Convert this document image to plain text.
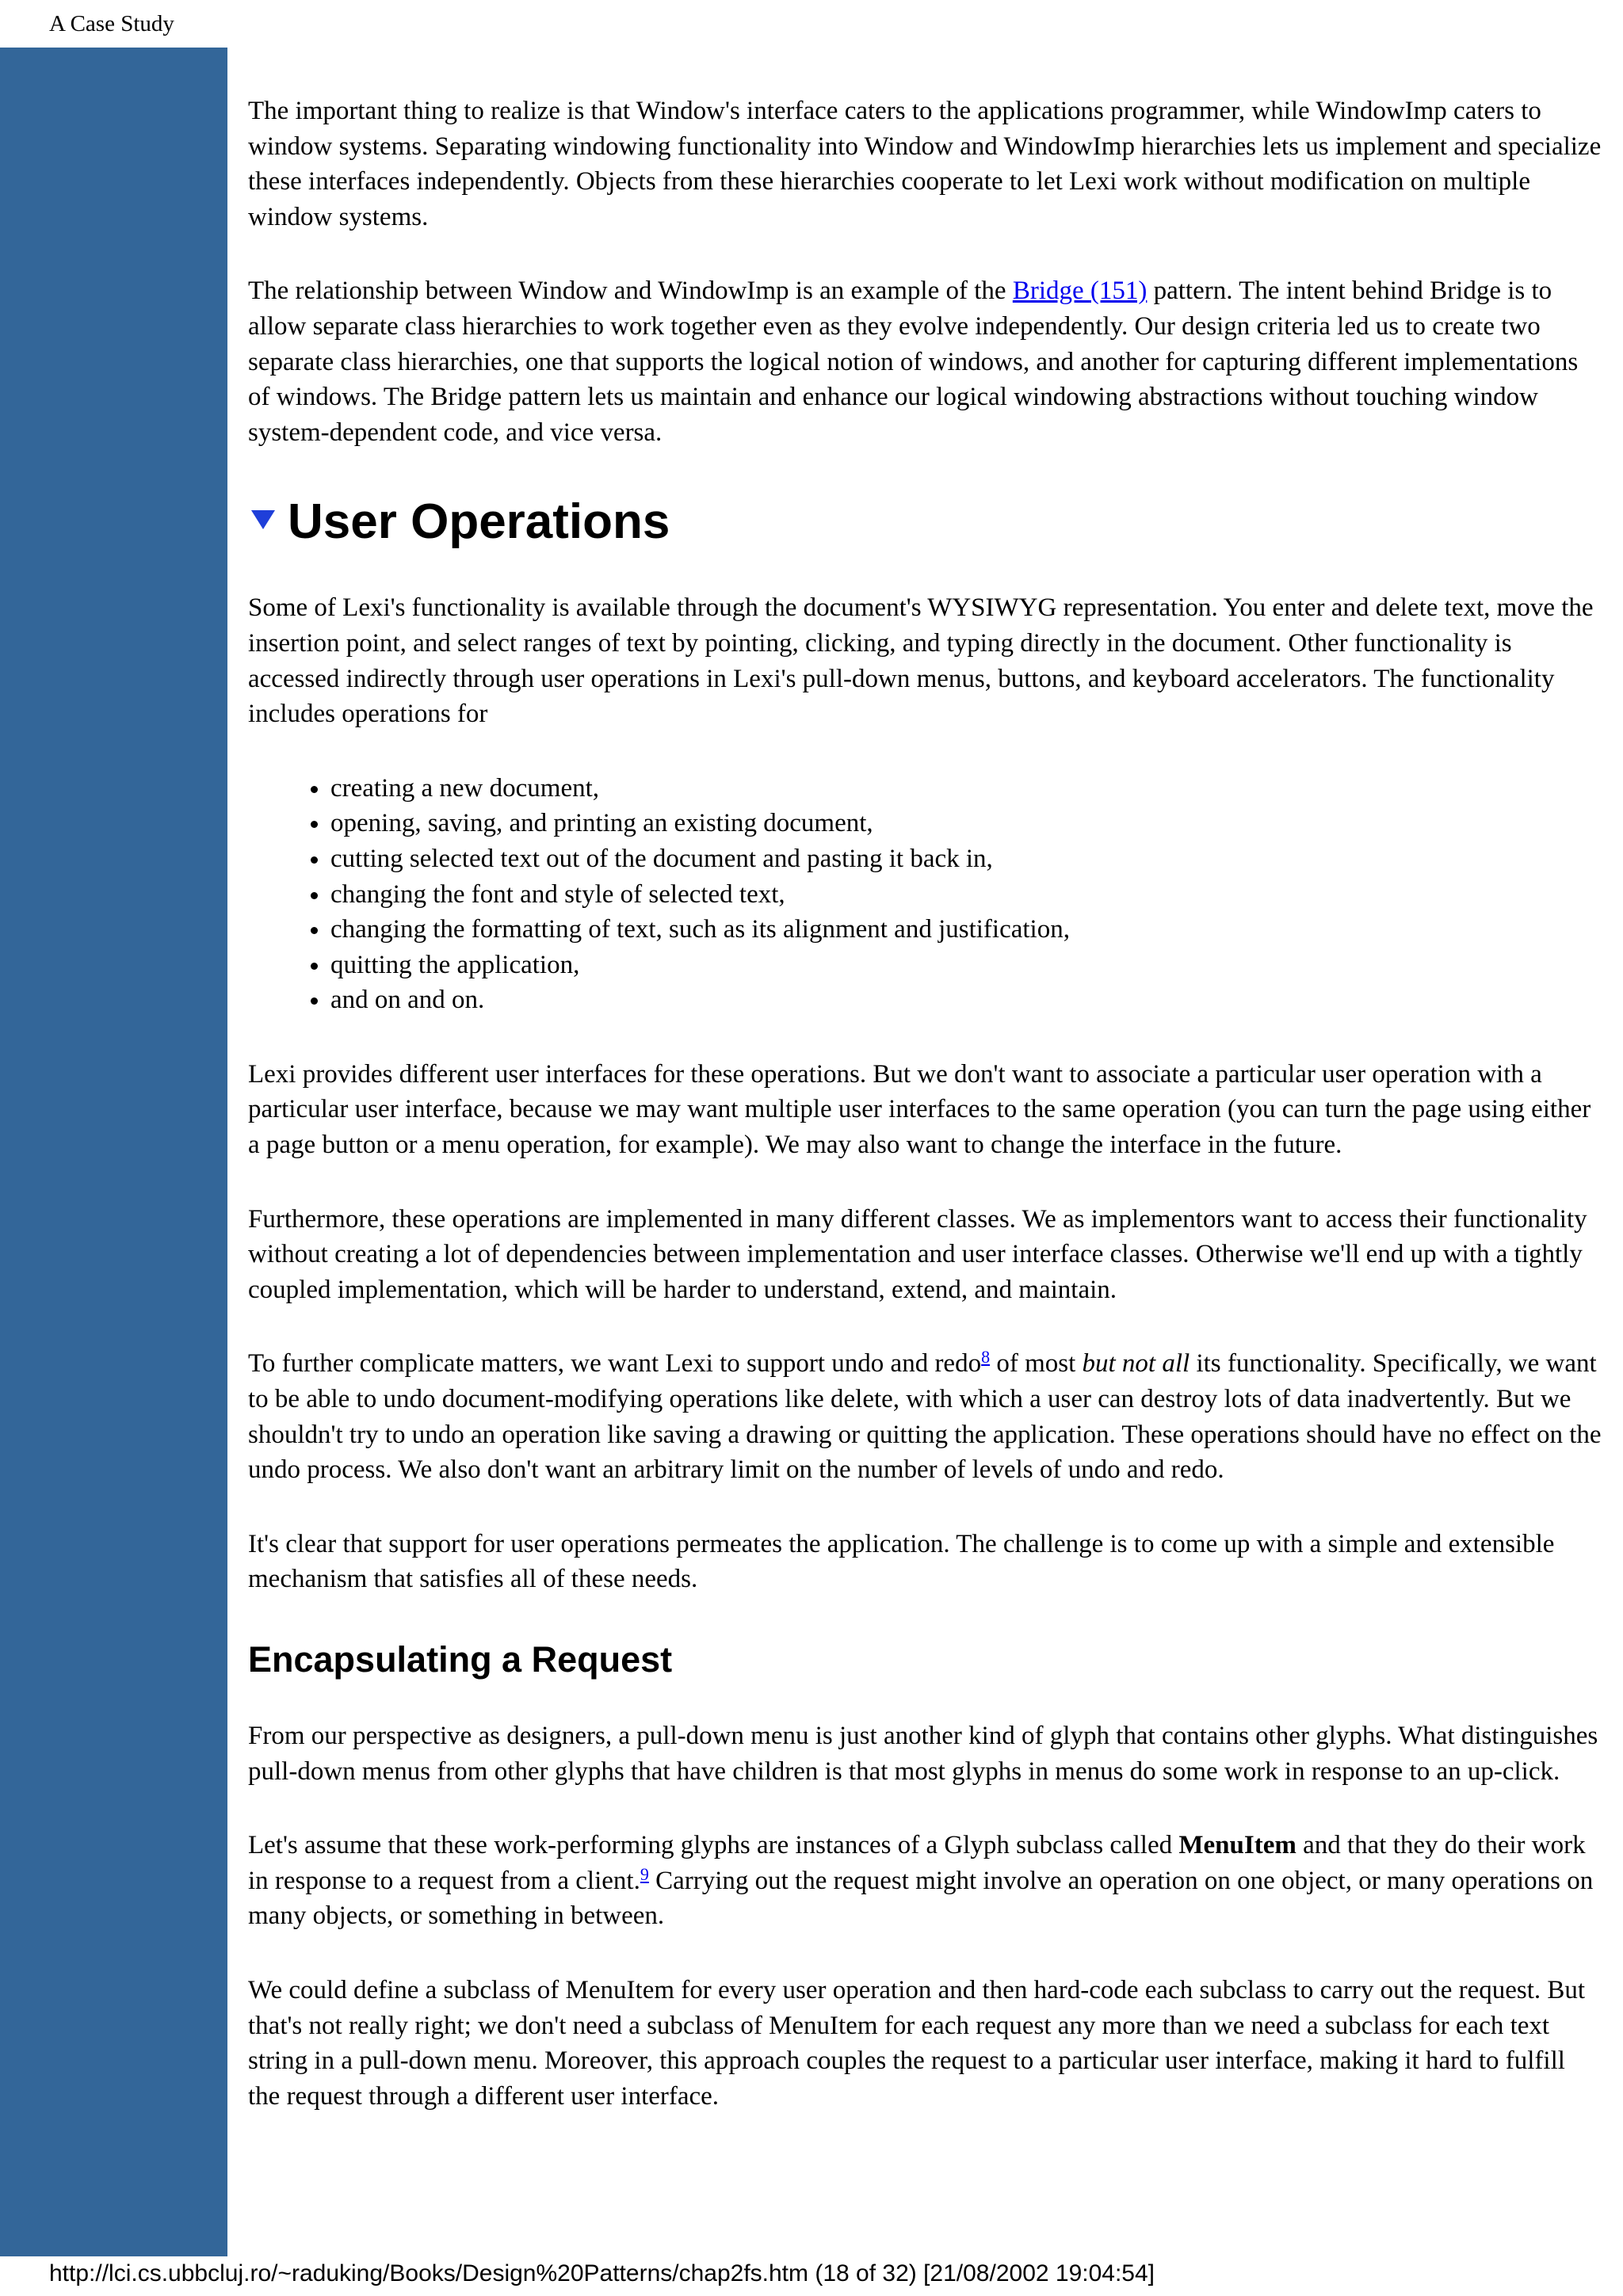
A Case Study

The important thing to realize is that Window's interface caters to the applications programmer, while WindowImp caters to window systems. Separating windowing functionality into Window and WindowImp hierarchies lets us implement and specialize these interfaces independently. Objects from these hierarchies cooperate to let Lexi work without modification on multiple window systems.

The relationship between Window and WindowImp is an example of the Bridge (151) pattern. The intent behind Bridge is to allow separate class hierarchies to work together even as they evolve independently. Our design criteria led us to create two separate class hierarchies, one that supports the logical notion of windows, and another for capturing different implementations of windows. The Bridge pattern lets us maintain and enhance our logical windowing abstractions without touching window system-dependent code, and vice versa.

User Operations

Some of Lexi's functionality is available through the document's WYSIWYG representation. You enter and delete text, move the insertion point, and select ranges of text by pointing, clicking, and typing directly in the document. Other functionality is accessed indirectly through user operations in Lexi's pull-down menus, buttons, and keyboard accelerators. The functionality includes operations for

• creating a new document,
• opening, saving, and printing an existing document,
• cutting selected text out of the document and pasting it back in,
• changing the font and style of selected text,
• changing the formatting of text, such as its alignment and justification,
• quitting the application,
• and on and on.

Lexi provides different user interfaces for these operations. But we don't want to associate a particular user operation with a particular user interface, because we may want multiple user interfaces to the same operation (you can turn the page using either a page button or a menu operation, for example). We may also want to change the interface in the future.

Furthermore, these operations are implemented in many different classes. We as implementors want to access their functionality without creating a lot of dependencies between implementation and user interface classes. Otherwise we'll end up with a tightly coupled implementation, which will be harder to understand, extend, and maintain.

To further complicate matters, we want Lexi to support undo and redo$^8$ of most but not all its functionality. Specifically, we want to be able to undo document-modifying operations like delete, with which a user can destroy lots of data inadvertently. But we shouldn't try to undo an operation like saving a drawing or quitting the application. These operations should have no effect on the undo process. We also don't want an arbitrary limit on the number of levels of undo and redo.

It's clear that support for user operations permeates the application. The challenge is to come up with a simple and extensible mechanism that satisfies all of these needs.

Encapsulating a Request

From our perspective as designers, a pull-down menu is just another kind of glyph that contains other glyphs. What distinguishes pull-down menus from other glyphs that have children is that most glyphs in menus do some work in response to an up-click.

Let's assume that these work-performing glyphs are instances of a Glyph subclass called MenuItem and that they do their work in response to a request from a client.$^9$ Carrying out the request might involve an operation on one object, or many operations on many objects, or something in between.

We could define a subclass of MenuItem for every user operation and then hard-code each subclass to carry out the request. But that's not really right; we don't need a subclass of MenuItem for each request any more than we need a subclass for each text string in a pull-down menu. Moreover, this approach couples the request to a particular user interface, making it hard to fulfill the request through a different user interface.

http://lci.cs.ubbcluj.ro/~raduking/Books/Design%20Patterns/chap2fs.htm (18 of 32) [21/08/2002 19:04:54]
